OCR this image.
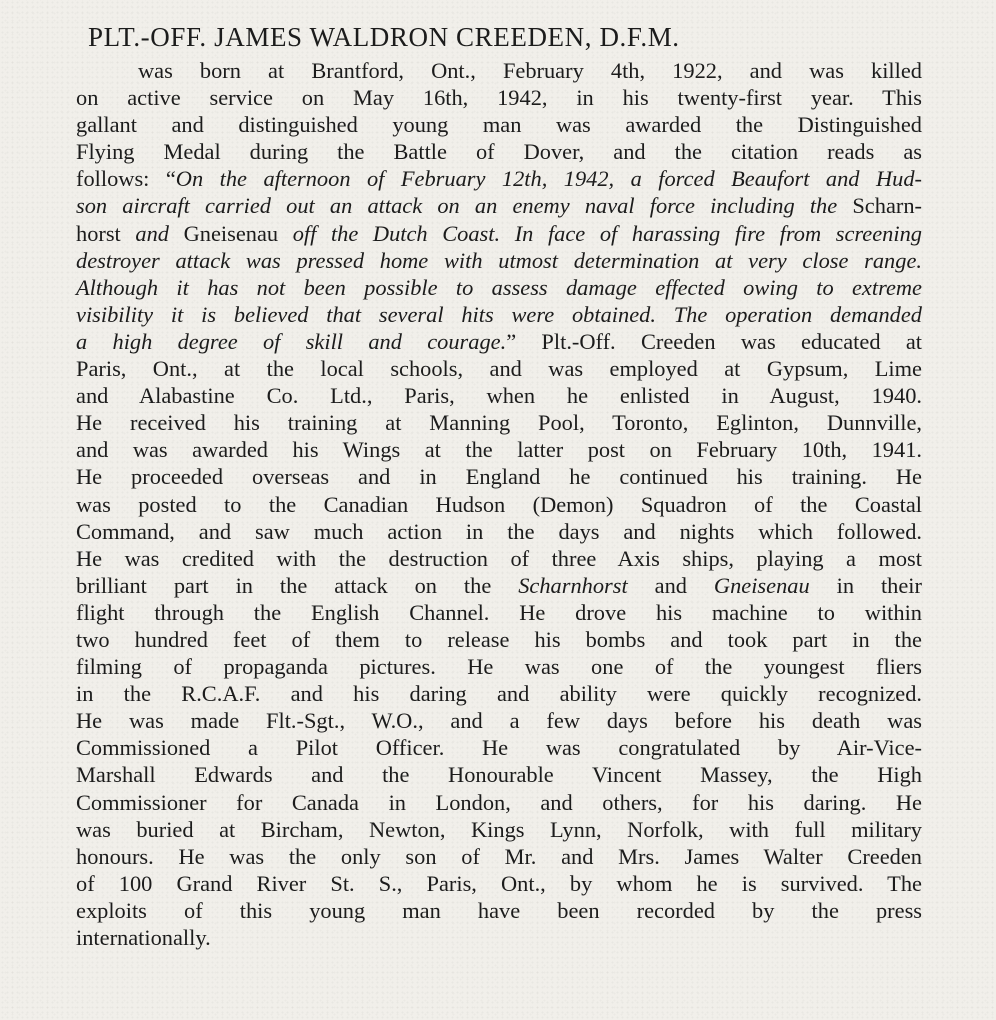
PLT.-OFF. JAMES WALDRON CREEDEN, D.F.M.
was born at Brantford, Ont., February 4th, 1922, and was killed
on active service on May 16th, 1942, in his twenty-first year. This
gallant and distinguished young man was awarded the Distinguished
Flying Medal during the Battle of Dover, and the citation reads as
follows: “On the afternoon of February 12th, 1942, a forced Beaufort and Hud-
son aircraft carried out an attack on an enemy naval force including the Scharn-
horst and Gneisenau off the Dutch Coast. In face of harassing fire from screening
destroyer attack was pressed home with utmost determination at very close range.
Although it has not been possible to assess damage effected owing to extreme
visibility it is believed that several hits were obtained. The operation demanded
a high degree of skill and courage.” Plt.-Off. Creeden was educated at
Paris, Ont., at the local schools, and was employed at Gypsum, Lime
and Alabastine Co. Ltd., Paris, when he enlisted in August, 1940.
He received his training at Manning Pool, Toronto, Eglinton, Dunnville,
and was awarded his Wings at the latter post on February 10th, 1941.
He proceeded overseas and in England he continued his training. He
was posted to the Canadian Hudson (Demon) Squadron of the Coastal
Command, and saw much action in the days and nights which followed.
He was credited with the destruction of three Axis ships, playing a most
brilliant part in the attack on the Scharnhorst and Gneisenau in their
flight through the English Channel. He drove his machine to within
two hundred feet of them to release his bombs and took part in the
filming of propaganda pictures. He was one of the youngest fliers
in the R.C.A.F. and his daring and ability were quickly recognized.
He was made Flt.-Sgt., W.O., and a few days before his death was
Commissioned a Pilot Officer. He was congratulated by Air-Vice-
Marshall Edwards and the Honourable Vincent Massey, the High
Commissioner for Canada in London, and others, for his daring. He
was buried at Bircham, Newton, Kings Lynn, Norfolk, with full military
honours. He was the only son of Mr. and Mrs. James Walter Creeden
of 100 Grand River St. S., Paris, Ont., by whom he is survived. The
exploits of this young man have been recorded by the press
internationally.
